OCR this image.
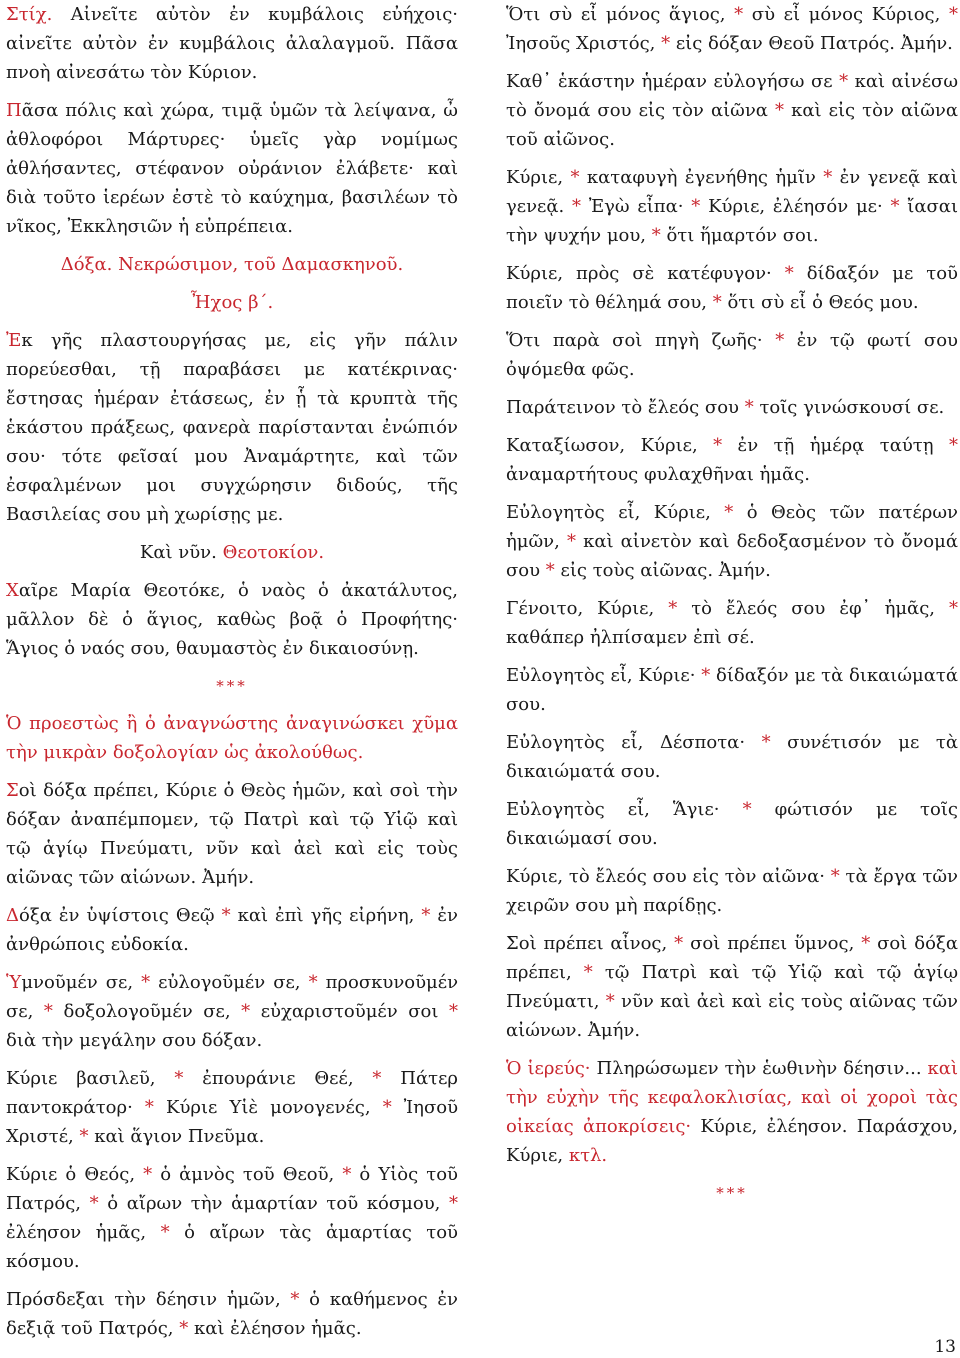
Στίχ. Αἰνεῖτε αὐτὸν ἐν κυμβάλοις εὐήχοις· αἰνεῖτε αὐτὸν ἐν κυμβάλοις ἀλαλαγμοῦ. Πᾶσα πνοὴ αἰνεσάτω τὸν Κύριον.

Πᾶσα πόλις καὶ χώρα, τιμᾷ ὑμῶν τὰ λείψανα, ὦ ἀθλοφόροι Μάρτυρες· ὑμεῖς γὰρ νομίμως ἀθλήσαντες, στέφανον οὐράνιον ἐλάβετε· καὶ διὰ τοῦτο ἱερέων ἐστὲ τὸ καύχημα, βασιλέων τὸ νῖκος, Ἐκκλησιῶν ἡ εὐπρέπεια.

Δόξα. Νεκρώσιμον, τοῦ Δαμασκηνοῦ.

Ἦχος β΄.

Ἐκ γῆς πλαστουργήσας με, εἰς γῆν πάλιν πορεύεσθαι, τῇ παραβάσει με κατέκρινας· ἔστησας ἡμέραν ἐτάσεως, ἐν ᾗ τὰ κρυπτὰ τῆς ἑκάστου πράξεως, φανερὰ παρίστανται ἐνώπιόν σου· τότε φεῖσαί μου Ἀναμάρτητε, καὶ τῶν ἐσφαλμένων μοι συγχώρησιν διδούς, τῆς Βασιλείας σου μὴ χωρίσῃς με.

Καὶ νῦν. Θεοτοκίον.

Χαῖρε Μαρία Θεοτόκε, ὁ ναὸς ὁ ἀκατάλυτος, μᾶλλον δὲ ὁ ἅγιος, καθὼς βοᾷ ὁ Προφήτης· Ἅγιος ὁ ναός σου, θαυμαστὸς ἐν δικαιοσύνῃ.

***

Ὁ προεστὼς ἢ ὁ ἀναγνώστης ἀναγινώσκει χῦμα τὴν μικρὰν δοξολογίαν ὡς ἀκολούθως.

Σοὶ δόξα πρέπει, Κύριε ὁ Θεὸς ἡμῶν, καὶ σοὶ τὴν δόξαν ἀναπέμπομεν, τῷ Πατρὶ καὶ τῷ Υἱῷ καὶ τῷ ἁγίῳ Πνεύματι, νῦν καὶ ἀεὶ καὶ εἰς τοὺς αἰῶνας τῶν αἰώνων. Ἀμήν.

Δόξα ἐν ὑψίστοις Θεῷ * καὶ ἐπὶ γῆς εἰρήνη, * ἐν ἀνθρώποις εὐδοκία.

Ὑμνοῦμέν σε, * εὐλογοῦμέν σε, * προσκυνοῦμέν σε, * δοξολογοῦμέν σε, * εὐχαριστοῦμέν σοι * διὰ τὴν μεγάλην σου δόξαν.

Κύριε βασιλεῦ, * ἐπουράνιε Θεέ, * Πάτερ παντοκράτορ· * Κύριε Υἱὲ μονογενές, * Ἰησοῦ Χριστέ, * καὶ ἅγιον Πνεῦμα.

Κύριε ὁ Θεός, * ὁ ἀμνὸς τοῦ Θεοῦ, * ὁ Υἱὸς τοῦ Πατρός, * ὁ αἴρων τὴν ἁμαρτίαν τοῦ κόσμου, * ἐλέησον ἡμᾶς, * ὁ αἴρων τὰς ἁμαρτίας τοῦ κόσμου.

Πρόσδεξαι τὴν δέησιν ἡμῶν, * ὁ καθήμενος ἐν δεξιᾷ τοῦ Πατρός, * καὶ ἐλέησον ἡμᾶς.

Ὅτι σὺ εἶ μόνος ἅγιος, * σὺ εἶ μόνος Κύριος, * Ἰησοῦς Χριστός, * εἰς δόξαν Θεοῦ Πατρός. Ἀμήν.

Καθ᾽ ἑκάστην ἡμέραν εὐλογήσω σε * καὶ αἰνέσω τὸ ὄνομά σου εἰς τὸν αἰῶνα * καὶ εἰς τὸν αἰῶνα τοῦ αἰῶνος.

Κύριε, * καταφυγὴ ἐγενήθης ἡμῖν * ἐν γενεᾷ καὶ γενεᾷ. * Ἐγὼ εἶπα· * Κύριε, ἐλέησόν με· * ἴασαι τὴν ψυχήν μου, * ὅτι ἥμαρτόν σοι.

Κύριε, πρὸς σὲ κατέφυγον· * δίδαξόν με τοῦ ποιεῖν τὸ θέλημά σου, * ὅτι σὺ εἶ ὁ Θεός μου.

Ὅτι παρὰ σοὶ πηγὴ ζωῆς· * ἐν τῷ φωτί σου ὀψόμεθα φῶς.

Παράτεινον τὸ ἔλεός σου * τοῖς γινώσκουσί σε.

Καταξίωσον, Κύριε, * ἐν τῇ ἡμέρᾳ ταύτῃ * ἀναμαρτήτους φυλαχθῆναι ἡμᾶς.

Εὐλογητὸς εἶ, Κύριε, * ὁ Θεὸς τῶν πατέρων ἡμῶν, * καὶ αἰνετὸν καὶ δεδοξασμένον τὸ ὄνομά σου * εἰς τοὺς αἰῶνας. Ἀμήν.

Γένοιτο, Κύριε, * τὸ ἔλεός σου ἐφ᾽ ἡμᾶς, * καθάπερ ἠλπίσαμεν ἐπὶ σέ.

Εὐλογητὸς εἶ, Κύριε· * δίδαξόν με τὰ δικαιώματά σου.

Εὐλογητὸς εἶ, Δέσποτα· * συνέτισόν με τὰ δικαιώματά σου.

Εὐλογητὸς εἶ, Ἅγιε· * φώτισόν με τοῖς δικαιώμασί σου.

Κύριε, τὸ ἔλεός σου εἰς τὸν αἰῶνα· * τὰ ἔργα τῶν χειρῶν σου μὴ παρίδῃς.

Σοὶ πρέπει αἶνος, * σοὶ πρέπει ὕμνος, * σοὶ δόξα πρέπει, * τῷ Πατρὶ καὶ τῷ Υἱῷ καὶ τῷ ἁγίῳ Πνεύματι, * νῦν καὶ ἀεὶ καὶ εἰς τοὺς αἰῶνας τῶν αἰώνων. Ἀμήν.

Ὁ ἱερεύς· Πληρώσωμεν τὴν ἑωθινὴν δέησιν... καὶ τὴν εὐχὴν τῆς κεφαλοκλισίας, καὶ οἱ χοροὶ τὰς οἰκείας ἀποκρίσεις· Κύριε, ἐλέησον. Παράσχου, Κύριε, κτλ.

***

13
